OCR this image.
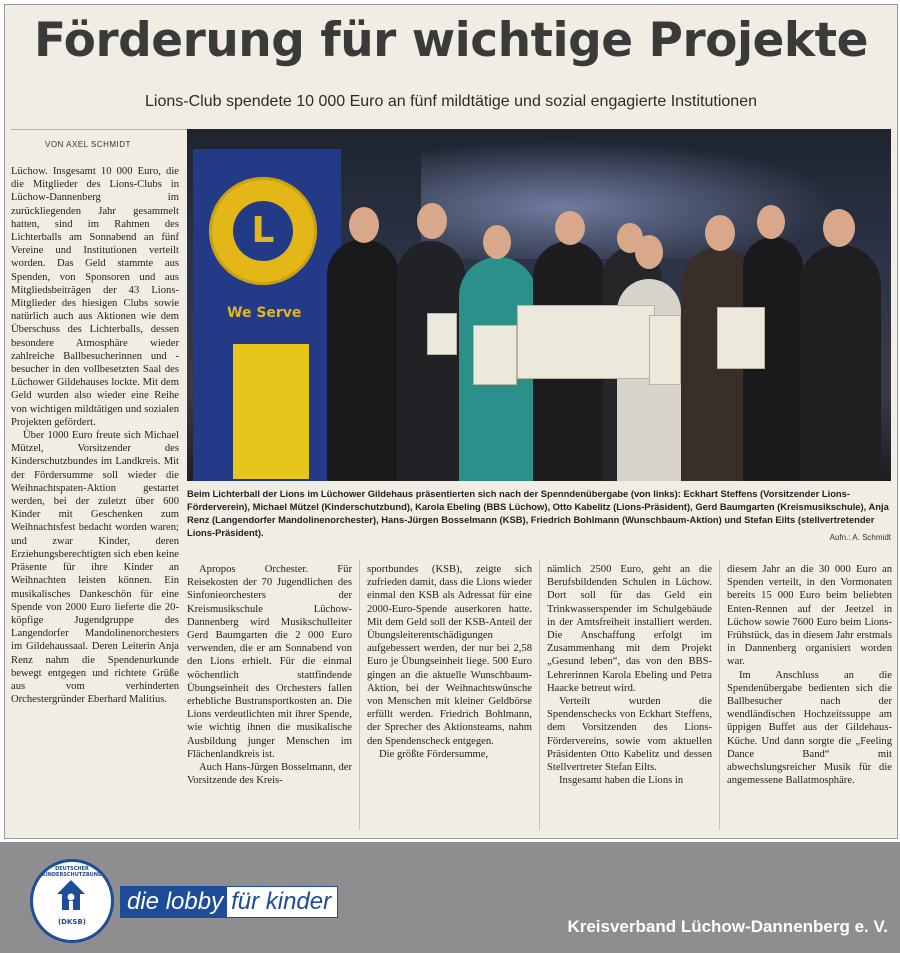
Förderung für wichtige Projekte
Lions-Club spendete 10 000 Euro an fünf mildtätige und sozial engagierte Institutionen
VON AXEL SCHMIDT

Lüchow. Insgesamt 10 000 Euro, die die Mitglieder des Lions-Clubs in Lüchow-Dannenberg im zurückliegenden Jahr gesammelt hatten, sind im Rahmen des Lichterballs am Sonnabend an fünf Vereine und Institutionen verteilt worden. Das Geld stammte aus Spenden, von Sponsoren und aus Mitgliedsbeiträgen der 43 Lions-Mitglieder des hiesigen Clubs sowie natürlich auch aus Aktionen wie dem Überschuss des Lichterballs, dessen besondere Atmosphäre wieder zahlreiche Ballbesucherinnen und -besucher in den vollbesetzten Saal des Lüchower Gildehauses lockte. Mit dem Geld wurden also wieder eine Reihe von wichtigen mildtätigen und sozialen Projekten gefördert.

Über 1000 Euro freute sich Michael Mützel, Vorsitzender des Kinderschutzbundes im Landkreis. Mit der Fördersumme soll wieder die Weihnachtspaten-Aktion gestartet werden, bei der zuletzt über 600 Kinder mit Geschenken zum Weihnachtsfest bedacht worden waren; und zwar Kinder, deren Erziehungsberechtigten sich eben keine Präsente für ihre Kinder an Weihnachten leisten können. Ein musikalisches Dankeschön für eine Spende von 2000 Euro lieferte die 20-köpfige Jugendgruppe des Langendorfer Mandolinenorchesters im Gildehaussaal. Deren Leiterin Anja Renz nahm die Spendenurkunde bewegt entgegen und richtete Grüße aus vom verhinderten Orchestergründer Eberhard Malitius.

L
We Serve
Beim Lichterball der Lions im Lüchower Gildehaus präsentierten sich nach der Spenndenübergabe (von links): Eckhart Steffens (Vorsitzender Lions-Förderverein), Michael Mützel (Kinderschutzbund), Karola Ebeling (BBS Lüchow), Otto Kabelitz (Lions-Präsident), Gerd Baumgarten (Kreismusikschule), Anja Renz (Langendorfer Mandolinenorchester), Hans-Jürgen Bosselmann (KSB), Friedrich Bohlmann (Wunschbaum-Aktion) und Stefan Eilts (stellvertretender Lions-Präsident).	Aufn.: A. Schmidt

Apropos Orchester. Für Reisekosten der 70 Jugendlichen des Sinfonieorchesters der Kreismusikschule Lüchow-Dannenberg wird Musikschulleiter Gerd Baumgarten die 2 000 Euro verwenden, die er am Sonnabend von den Lions erhielt. Für die einmal wöchentlich stattfindende Übungseinheit des Orchesters fallen erhebliche Bustransportkosten an. Die Lions verdeutlichten mit ihrer Spende, wie wichtig ihnen die musikalische Ausbildung junger Menschen im Flächenlandkreis ist.

Auch Hans-Jürgen Bosselmann, der Vorsitzende des Kreis-

sportbundes (KSB), zeigte sich zufrieden damit, dass die Lions wieder einmal den KSB als Adressat für eine 2000-Euro-Spende auserkoren hatte. Mit dem Geld soll der KSB-Anteil der Übungsleiterentschädigungen aufgebessert werden, der nur bei 2,58 Euro je Übungseinheit liege. 500 Euro gingen an die aktuelle Wunschbaum-Aktion, bei der Weihnachtswünsche von Menschen mit kleiner Geldbörse erfüllt werden. Friedrich Bohlmann, der Sprecher des Aktionsteams, nahm den Spendenscheck entgegen.

Die größte Fördersumme,

nämlich 2500 Euro, geht an die Berufsbildenden Schulen in Lüchow. Dort soll für das Geld ein Trinkwasserspender im Schulgebäude in der Amtsfreiheit installiert werden. Die Anschaffung erfolgt im Zusammenhang mit dem Projekt „Gesund leben“, das von den BBS-Lehrerinnen Karola Ebeling und Petra Haacke betreut wird.

Verteilt wurden die Spendenschecks von Eckhart Steffens, dem Vorsitzenden des Lions-Fördervereins, sowie vom aktuellen Präsidenten Otto Kabelitz und dessen Stellvertreter Stefan Eilts.

Insgesamt haben die Lions in

diesem Jahr an die 30 000 Euro an Spenden verteilt, in den Vormonaten bereits 15 000 Euro beim beliebten Enten-Rennen auf der Jeetzel in Lüchow sowie 7600 Euro beim Lions-Frühstück, das in diesem Jahr erstmals in Dannenberg organisiert worden war.

Im Anschluss an die Spendenübergabe bedienten sich die Ballbesucher nach der wendländischen Hochzeitssuppe am üppigen Buffet aus der Gildehaus-Küche. Und dann sorgte die „Feeling Dance Band“ mit abwechslungsreicher Musik für die angemessene Ballatmosphäre.

DEUTSCHER KINDERSCHUTZBUND
(DKSB)
die lobby für kinder
Kreisverband Lüchow-Dannenberg e. V.
